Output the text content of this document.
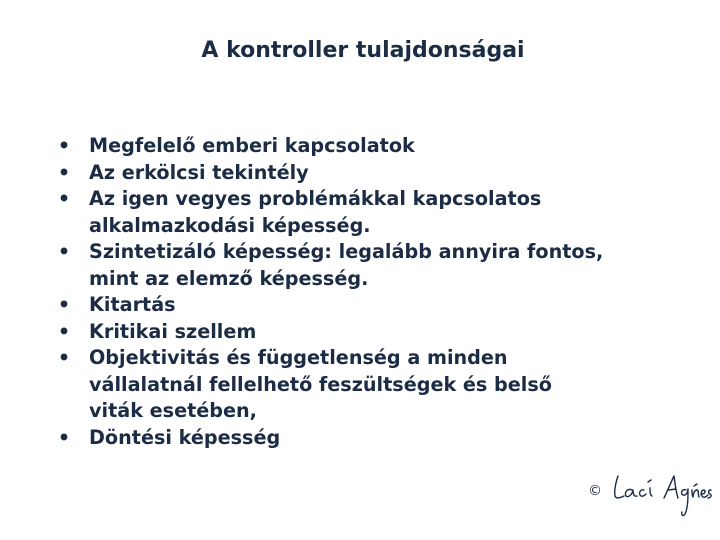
A kontroller tulajdonságai
• Megfelelő emberi kapcsolatok
• Az erkölcsi tekintély
• Az igen vegyes problémákkal kapcsolatos
alkalmazkodási képesség.
• Szintetizáló képesség: legalább annyira fontos,
mint az elemző képesség.
• Kitartás
• Kritikai szellem
• Objektivitás és függetlenség a minden
vállalatnál fellelhető feszültségek és belső
viták esetében,
• Döntési képesség
©
